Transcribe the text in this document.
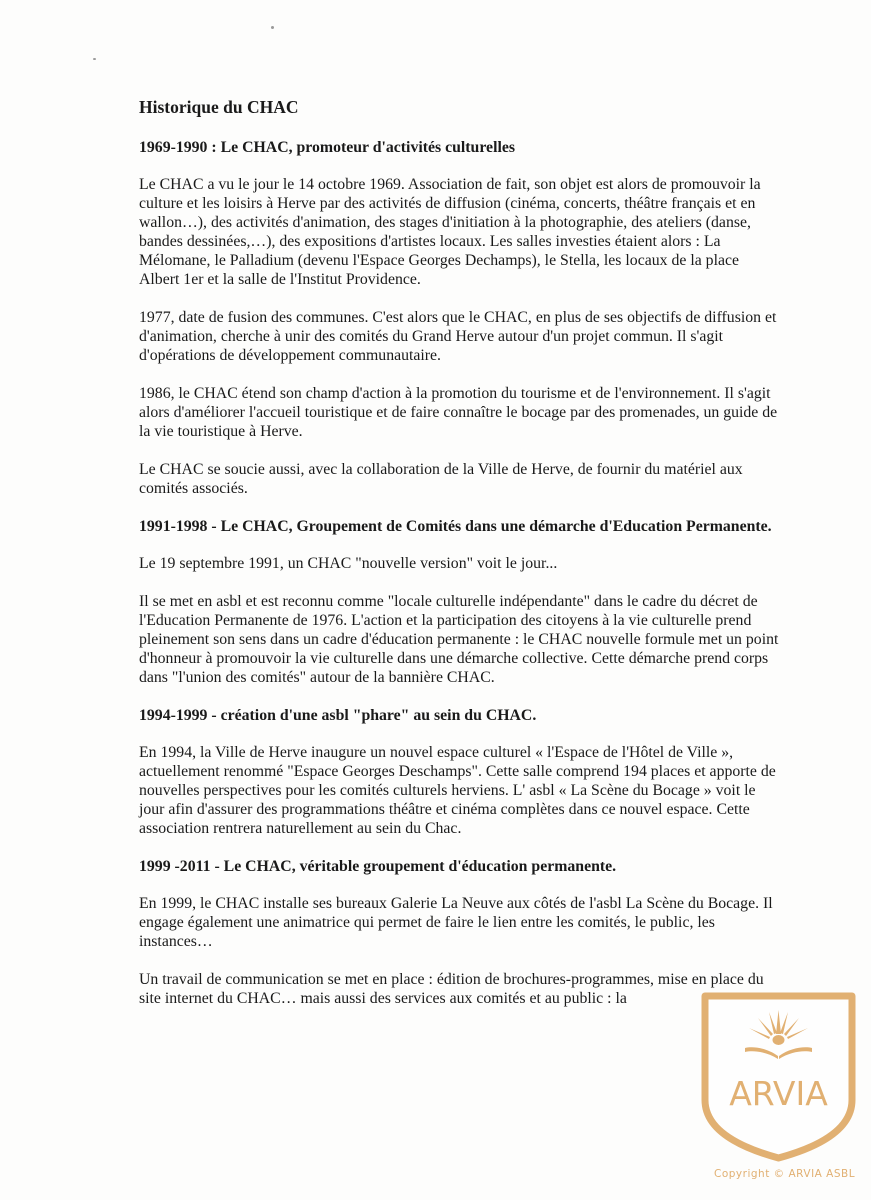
Historique du CHAC
1969-1990 : Le CHAC, promoteur d'activités culturelles

Le CHAC a vu le jour le 14 octobre 1969. Association de fait, son objet est alors de promouvoir la culture et les loisirs à Herve par des activités de diffusion (cinéma, concerts, théâtre français et en wallon…), des activités d'animation, des stages d'initiation à la photographie, des ateliers (danse, bandes dessinées,…), des expositions d'artistes locaux. Les salles investies étaient alors : La Mélomane, le Palladium (devenu l'Espace Georges Dechamps), le Stella, les locaux de la place Albert 1er et la salle de l'Institut Providence.

1977, date de fusion des communes. C'est alors que le CHAC, en plus de ses objectifs de diffusion et d'animation, cherche à unir des comités du Grand Herve autour d'un projet commun. Il s'agit d'opérations de développement communautaire.

1986, le CHAC étend son champ d'action à la promotion du tourisme et de l'environnement. Il s'agit alors d'améliorer l'accueil touristique et de faire connaître le bocage par des promenades, un guide de la vie touristique à Herve.

Le CHAC se soucie aussi, avec la collaboration de la Ville de Herve, de fournir du matériel aux comités associés.

1991-1998 - Le CHAC, Groupement de Comités dans une démarche d'Education Permanente.

Le 19 septembre 1991, un CHAC "nouvelle version" voit le jour...

Il se met en asbl et est reconnu comme "locale culturelle indépendante" dans le cadre du décret de l'Education Permanente de 1976. L'action et la participation des citoyens à la vie culturelle prend pleinement son sens dans un cadre d'éducation permanente : le CHAC nouvelle formule met un point d'honneur à promouvoir la vie culturelle dans une démarche collective. Cette démarche prend corps dans "l'union des comités" autour de la bannière CHAC.

1994-1999 - création d'une asbl "phare" au sein du CHAC.

En 1994, la Ville de Herve inaugure un nouvel espace culturel « l'Espace de l'Hôtel de Ville », actuellement renommé "Espace Georges Deschamps". Cette salle comprend 194 places et apporte de nouvelles perspectives pour les comités culturels herviens. L' asbl « La Scène du Bocage » voit le jour afin d'assurer des programmations théâtre et cinéma complètes dans ce nouvel espace. Cette association rentrera naturellement au sein du Chac.

1999 -2011 - Le CHAC, véritable groupement d'éducation permanente.

En 1999, le CHAC installe ses bureaux Galerie La Neuve aux côtés de l'asbl La Scène du Bocage. Il engage également une animatrice qui permet de faire le lien entre les comités, le public, les instances…

Un travail de communication se met en place : édition de brochures-programmes, mise en place du site internet du CHAC… mais aussi des services aux comités et au public : la

ARVIA
Copyright © ARVIA ASBL
